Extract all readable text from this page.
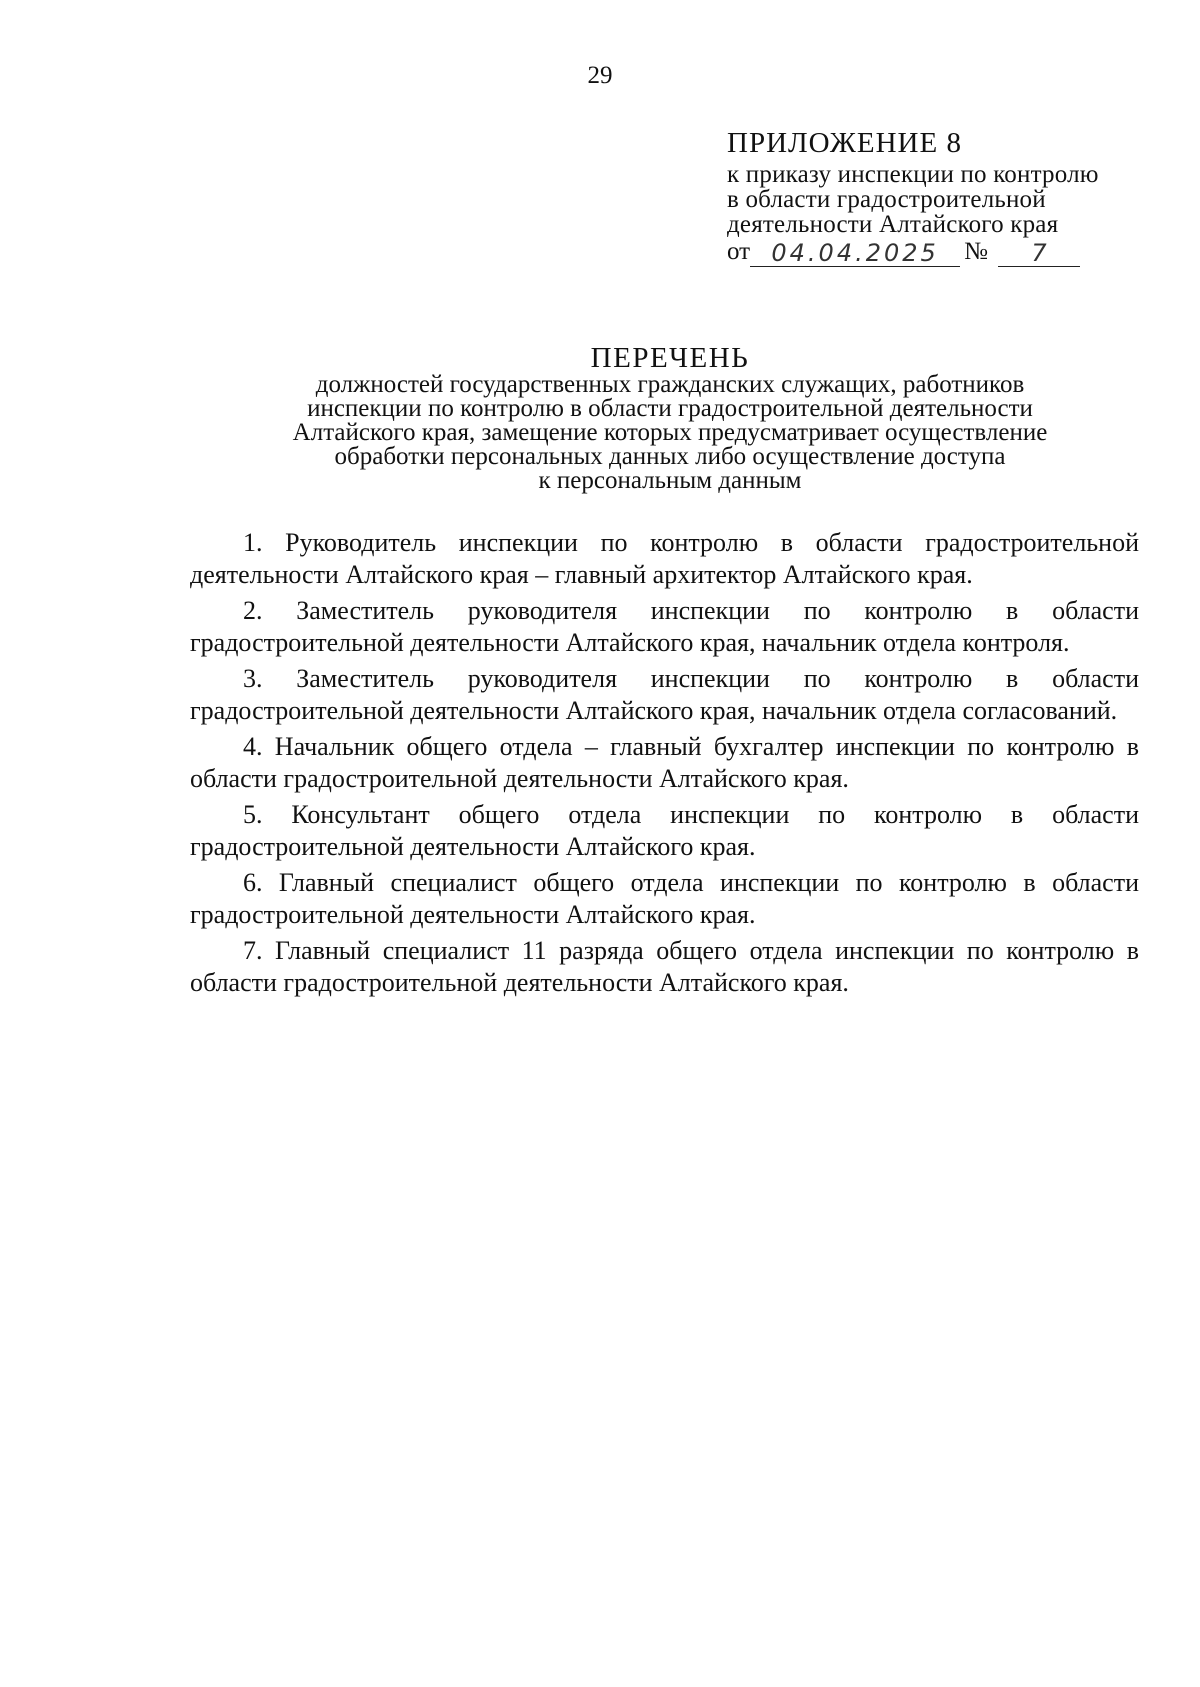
29
ПРИЛОЖЕНИЕ 8
к приказу инспекции по контролю
в области градостроительной
деятельности Алтайского края
от 04.04.2025	№	7
ПЕРЕЧЕНЬ
должностей государственных гражданских служащих, работников
инспекции по контролю в области градостроительной деятельности
Алтайского края, замещение которых предусматривает осуществление
обработки персональных данных либо осуществление доступа
к персональным данным

1. Руководитель инспекции по контролю в области градостроительной деятельности Алтайского края – главный архитектор Алтайского края.

2. Заместитель руководителя инспекции по контролю в области градостроительной деятельности Алтайского края, начальник отдела контроля.

3. Заместитель руководителя инспекции по контролю в области градостроительной деятельности Алтайского края, начальник отдела согласований.

4. Начальник общего отдела – главный бухгалтер инспекции по контролю в области градостроительной деятельности Алтайского края.

5. Консультант общего отдела инспекции по контролю в области градостроительной деятельности Алтайского края.

6. Главный специалист общего отдела инспекции по контролю в области градостроительной деятельности Алтайского края.

7. Главный специалист 11 разряда общего отдела инспекции по контролю в области градостроительной деятельности Алтайского края.
